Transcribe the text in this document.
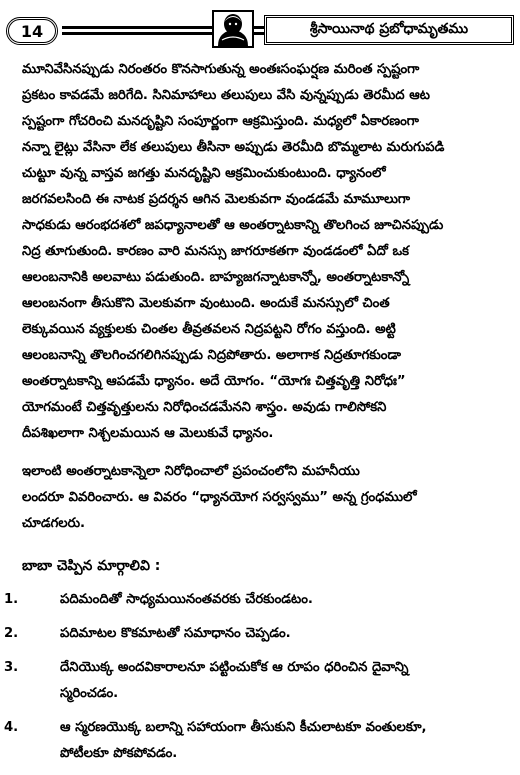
14	శ్రీసాయినాథ ప్రబోధామృతము

మూనివేసినప్పుడు నిరంతరం కొనసాగుతున్న అంతఃసంఘర్షణ మరింత స్పష్టంగా

ప్రకటం కావడమే జరిగేది. సినిమాహాలు తలుపులు వేసి వున్నప్పుడు తెరమీద ఆట

స్పష్టంగా గోచరించి మనదృష్టిని సంపూర్ణంగా ఆక్రమిస్తుంది. మధ్యలో ఏకారణంగా

నన్నా లైట్లు వేసినా లేక తలుపులు తీసినా అప్పుడు తెరమీది బొమ్మలాట మరుగుపడి

చుట్టూ వున్న వాస్తవ జగత్తు మనదృష్టిని ఆక్రమించుకుంటుంది. ధ్యానంలో

జరగవలసింది ఈ నాటక ప్రదర్శన ఆగిన మెలకువగా వుండడమే మామూలుగా

సాధకుడు ఆరంభదశలో జపధ్యానాలతో ఆ అంతర్నాటకాన్ని తొలగించ జూచినప్పుడు

నిద్ర తూగుతుంది. కారణం వారి మనస్సు జాగరూకతగా వుండడంలో ఏదో ఒక

ఆలంబనానికి అలవాటు పడుతుంది. బాహ్యజగన్నాటకాన్నో, అంతర్నాటకాన్నో

ఆలంబనంగా తీసుకొని మెలకువగా వుంటుంది. అందుకే మనస్సులో చింత

లెక్కువయిన వ్యక్తులకు చింతల తీవ్రతవలన నిద్రపట్టని రోగం వస్తుంది. అట్టి

ఆలంబనాన్ని తొలగించగలిగినప్పుడు నిద్రపోతారు. అలాగాక నిద్రతూగకుండా

అంతర్నాటకాన్ని ఆపడమే ధ్యానం. అదే యోగం. “యోగః చిత్తవృత్తి నిరోధః”

యోగమంటే చిత్తవృత్తులను నిరోధించడమేనని శాస్త్రం. అవుడు గాలిసోకని

దీపశిఖలాగా నిశ్చలమయిన ఆ మెలుకువే ధ్యానం.

ఇలాంటి అంతర్నాటకాన్నెలా నిరోధించాలో ప్రపంచంలోని మహనీయు

లందరూ వివరించారు. ఆ వివరం “ధ్యానయోగ సర్వస్వము” అన్న గ్రంధములో

చూడగలరు.

బాబా చెప్పిన మార్గాలివి :
1.	పదిమందితో సాధ్యమయినంతవరకు చేరకుండటం.
2.	పదిమాటల కొకమాటతో సమాధానం చెప్పడం.
3.	దేనియొక్క అందవికారాలనూ పట్టించుకోక ఆ రూపం ధరించిన దైవాన్ని
స్మరించడం.
4.	ఆ స్మరణయొక్క బలాన్ని సహాయంగా తీసుకుని కీచులాటకూ వంతులకూ,
పోటీలకూ పోకపోవడం.
